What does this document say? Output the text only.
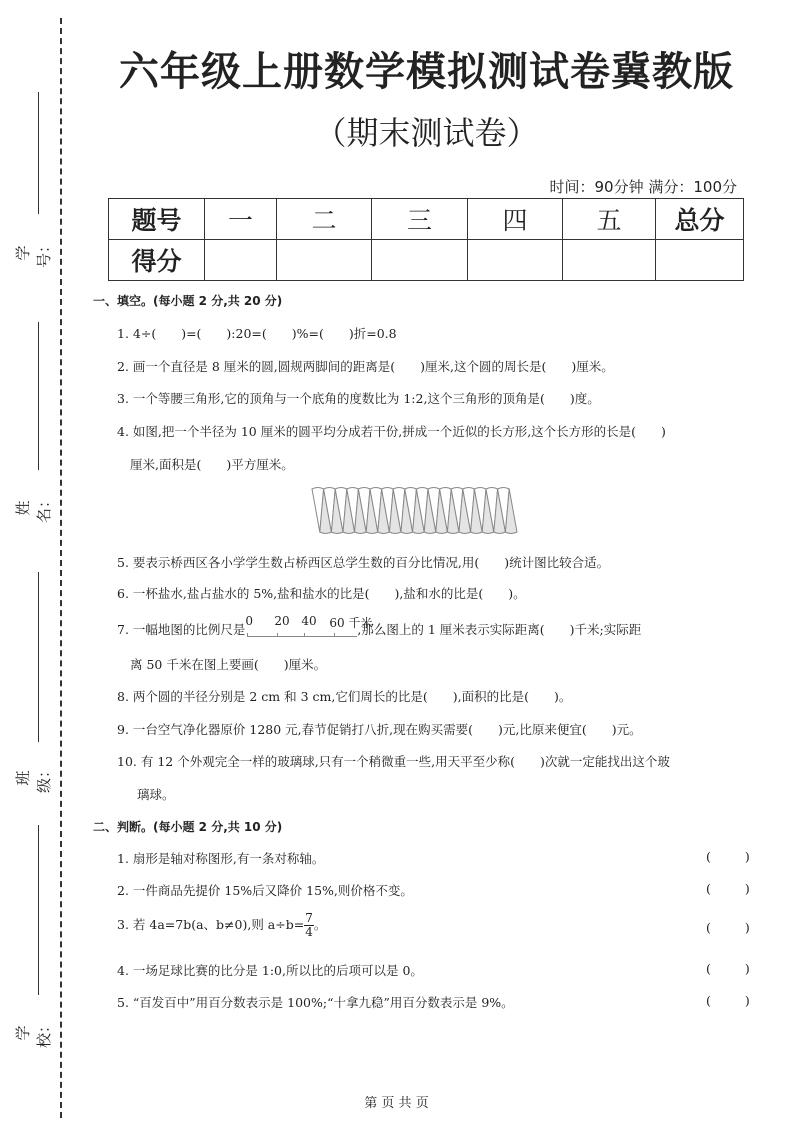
学号：
姓名：
班级：
学校：
六年级上册数学模拟测试卷冀教版
（期末测试卷）
时间：90分钟 满分：100分
题号	一	二	三	四	五	总分
得分						
一、填空。(每小题 2 分,共 20 分)
1. 4÷(　　)=(　　):20=(　　)%=(　　)折=0.8
2. 画一个直径是 8 厘米的圆,圆规两脚间的距离是(　　)厘米,这个圆的周长是(　　)厘米。
3. 一个等腰三角形,它的顶角与一个底角的度数比为 1:2,这个三角形的顶角是(　　)度。
4. 如图,把一个半径为 10 厘米的圆平均分成若干份,拼成一个近似的长方形,这个长方形的长是(　　)
厘米,面积是(　　)平方厘米。
5. 要表示桥西区各小学学生数占桥西区总学生数的百分比情况,用(　　)统计图比较合适。
6. 一杯盐水,盐占盐水的 5%,盐和盐水的比是(　　),盐和水的比是(　　)。
7. 一幅地图的比例尺是
0 20 40 60 千米
,那么图上的 1 厘米表示实际距离(　　)千米;实际距
离 50 千米在图上要画(　　)厘米。
8. 两个圆的半径分别是 2 cm 和 3 cm,它们周长的比是(　　),面积的比是(　　)。
9. 一台空气净化器原价 1280 元,春节促销打八折,现在购买需要(　　)元,比原来便宜(　　)元。
10. 有 12 个外观完全一样的玻璃球,只有一个稍微重一些,用天平至少称(　　)次就一定能找出这个玻
璃球。
二、判断。(每小题 2 分,共 10 分)
1. 扇形是轴对称图形,有一条对称轴。
2. 一件商品先提价 15%后又降价 15%,则价格不变。
3. 若 4a=7b(a、b≠0),则 $a\div b= \frac{7}{4}$。
4. 一场足球比赛的比分是 1:0,所以比的后项可以是 0。
5. “百发百中”用百分数表示是 100%;“十拿九稳”用百分数表示是 9%。
(	)
(	)
(	)
(	)
(	)
第 页 共 页
